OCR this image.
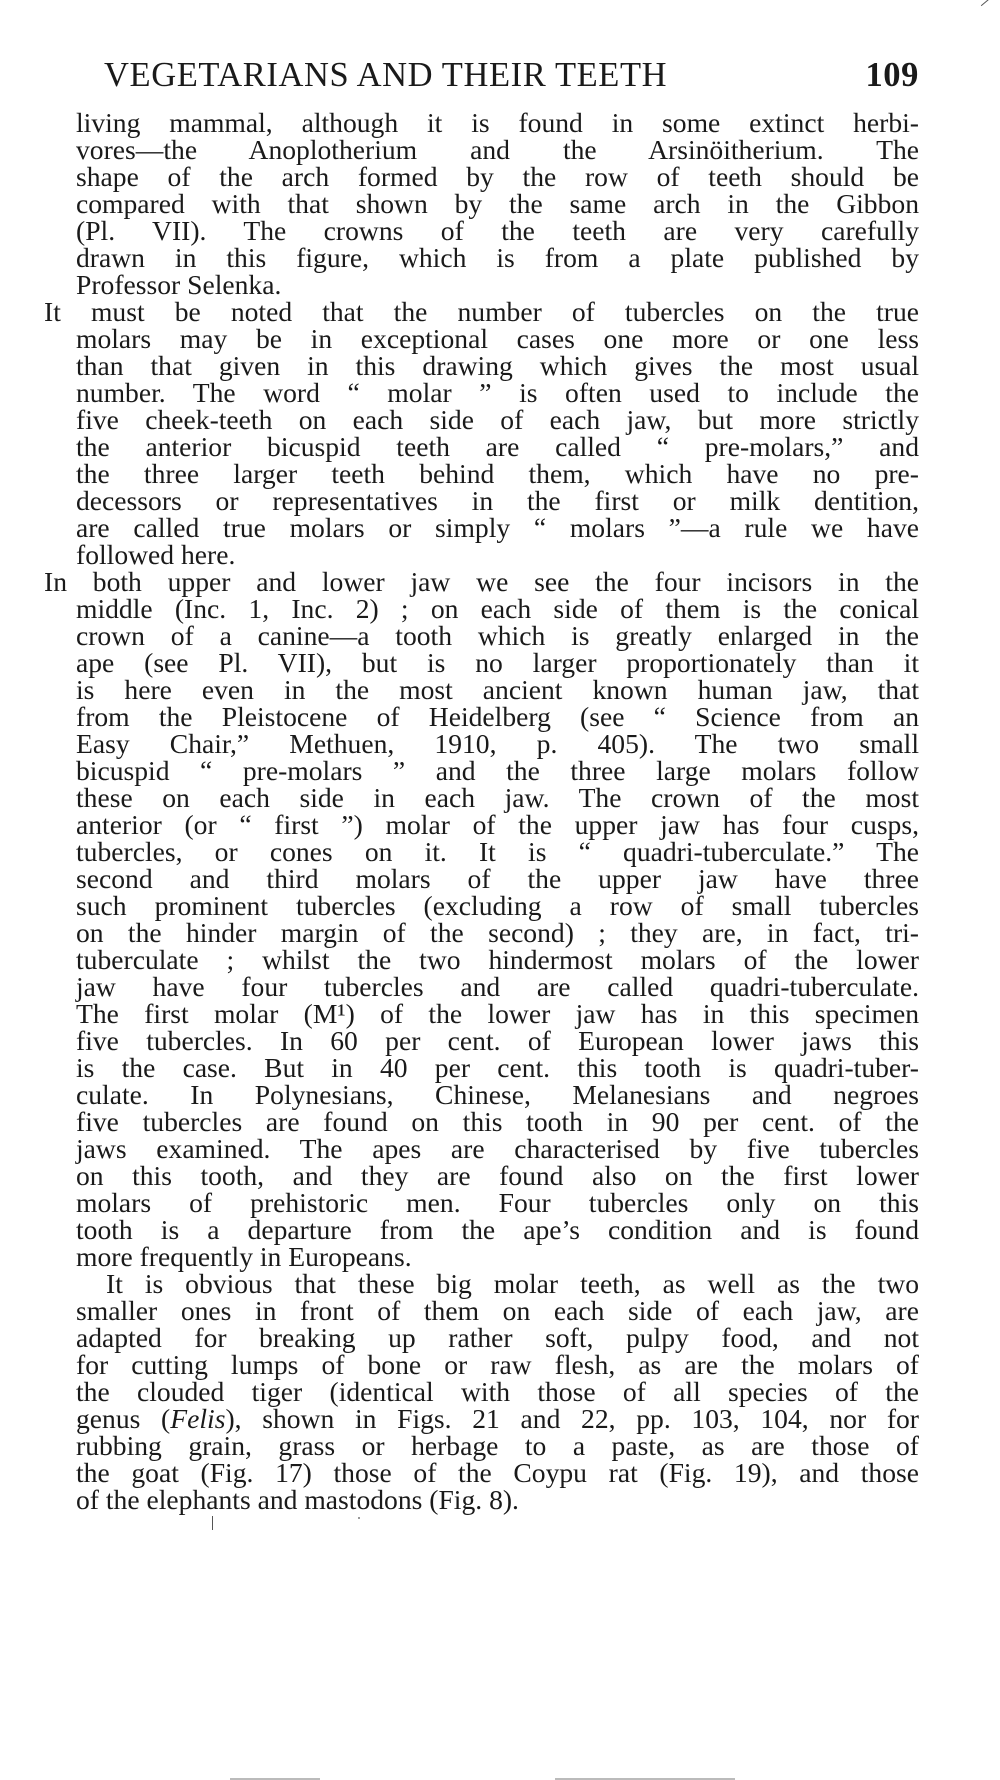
VEGETARIANS AND THEIR TEETH	109
living mammal, although it is found in some extinct herbi-
vores—the Anoplotherium and the Arsinöitherium. The
shape of the arch formed by the row of teeth should be
compared with that shown by the same arch in the Gibbon
(Pl. VII). The crowns of the teeth are very carefully
drawn in this figure, which is from a plate published by
Professor Selenka.
It must be noted that the number of tubercles on the true
molars may be in exceptional cases one more or one less
than that given in this drawing which gives the most usual
number. The word “ molar ” is often used to include the
five cheek-teeth on each side of each jaw, but more strictly
the anterior bicuspid teeth are called “ pre-molars,” and
the three larger teeth behind them, which have no pre-
decessors or representatives in the first or milk dentition,
are called true molars or simply “ molars ”—a rule we have
followed here.
In both upper and lower jaw we see the four incisors in the
middle (Inc. 1, Inc. 2) ; on each side of them is the conical
crown of a canine—a tooth which is greatly enlarged in the
ape (see Pl. VII), but is no larger proportionately than it
is here even in the most ancient known human jaw, that
from the Pleistocene of Heidelberg (see “ Science from an
Easy Chair,” Methuen, 1910, p. 405). The two small
bicuspid “ pre-molars ” and the three large molars follow
these on each side in each jaw. The crown of the most
anterior (or “ first ”) molar of the upper jaw has four cusps,
tubercles, or cones on it. It is “ quadri-tuberculate.” The
second and third molars of the upper jaw have three
such prominent tubercles (excluding a row of small tubercles
on the hinder margin of the second) ; they are, in fact, tri-
tuberculate ; whilst the two hindermost molars of the lower
jaw have four tubercles and are called quadri-tuberculate.
The first molar (M¹) of the lower jaw has in this specimen
five tubercles. In 60 per cent. of European lower jaws this
is the case. But in 40 per cent. this tooth is quadri-tuber-
culate. In Polynesians, Chinese, Melanesians and negroes
five tubercles are found on this tooth in 90 per cent. of the
jaws examined. The apes are characterised by five tubercles
on this tooth, and they are found also on the first lower
molars of prehistoric men. Four tubercles only on this
tooth is a departure from the ape’s condition and is found
more frequently in Europeans.
It is obvious that these big molar teeth, as well as the two
smaller ones in front of them on each side of each jaw, are
adapted for breaking up rather soft, pulpy food, and not
for cutting lumps of bone or raw flesh, as are the molars of
the clouded tiger (identical with those of all species of the
genus (Felis), shown in Figs. 21 and 22, pp. 103, 104, nor for
rubbing grain, grass or herbage to a paste, as are those of
the goat (Fig. 17) those of the Coypu rat (Fig. 19), and those
of the elephants and mastodons (Fig. 8).
